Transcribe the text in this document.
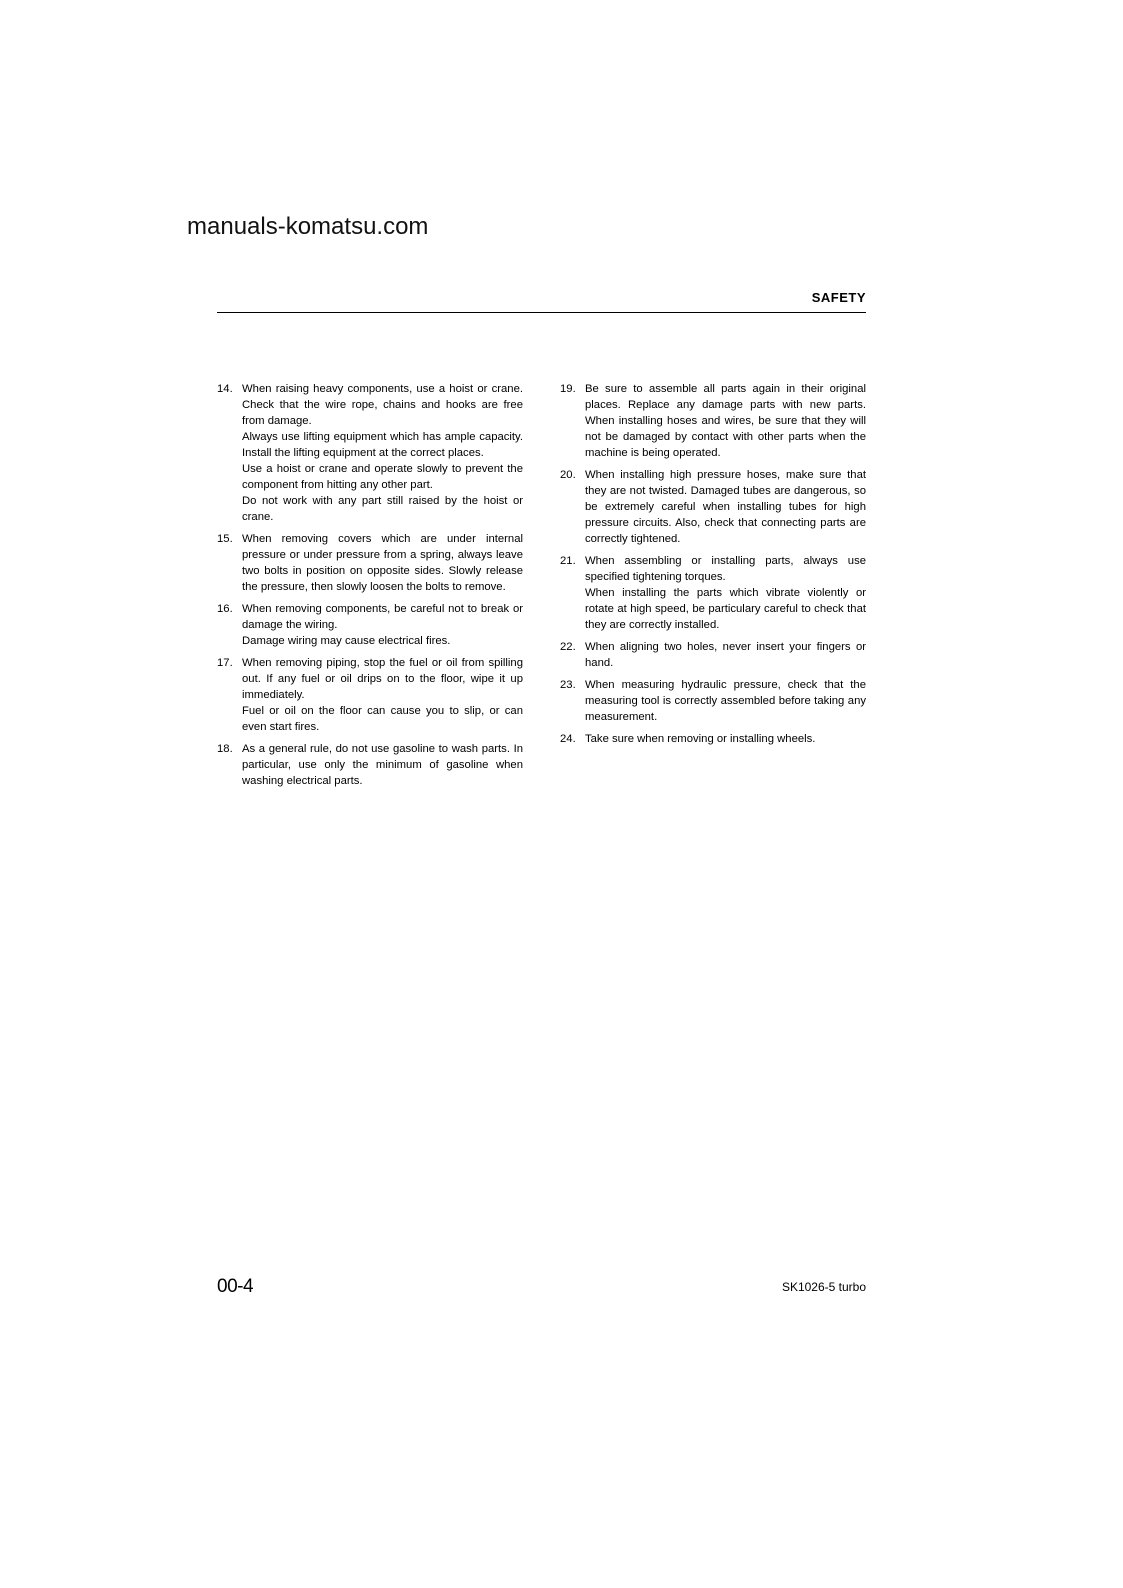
manuals-komatsu.com
SAFETY
14. When raising heavy components, use a hoist or crane. Check that the wire rope, chains and hooks are free from damage.

Always use lifting equipment which has ample capacity. Install the lifting equipment at the correct places.

Use a hoist or crane and operate slowly to prevent the component from hitting any other part.

Do not work with any part still raised by the hoist or crane.

15. When removing covers which are under internal pressure or under pressure from a spring, always leave two bolts in position on opposite sides. Slowly release the pressure, then slowly loosen the bolts to remove.

16. When removing components, be careful not to break or damage the wiring.

Damage wiring may cause electrical fires.

17. When removing piping, stop the fuel or oil from spilling out. If any fuel or oil drips on to the floor, wipe it up immediately.

Fuel or oil on the floor can cause you to slip, or can even start fires.

18. As a general rule, do not use gasoline to wash parts. In particular, use only the minimum of gasoline when washing electrical parts.

19. Be sure to assemble all parts again in their original places. Replace any damage parts with new parts. When installing hoses and wires, be sure that they will not be damaged by contact with other parts when the machine is being operated.

20. When installing high pressure hoses, make sure that they are not twisted. Damaged tubes are dangerous, so be extremely careful when installing tubes for high pressure circuits. Also, check that connecting parts are correctly tightened.

21. When assembling or installing parts, always use specified tightening torques.

When installing the parts which vibrate violently or rotate at high speed, be particulary careful to check that they are correctly installed.

22. When aligning two holes, never insert your fingers or hand.

23. When measuring hydraulic pressure, check that the measuring tool is correctly assembled before taking any measurement.

24. Take sure when removing or installing wheels.

00-4	SK1026-5 turbo
